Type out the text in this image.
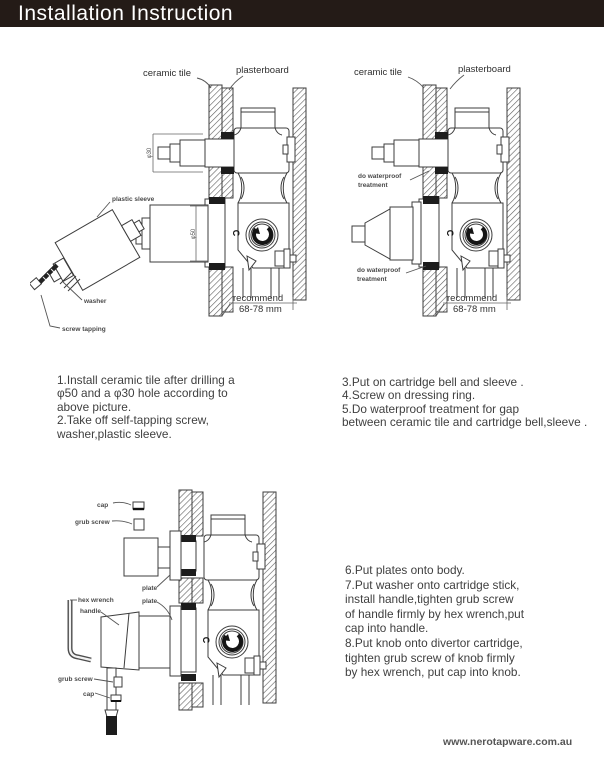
Installation Instruction
C
φ30
φ50
ceramic tile	plasterboard
plastic sleeve
washer
screw tapping
recommend
68-78 mm
C
ceramic tile	plasterboard
do waterproof
treatment
do waterproof
treatment
recommend
68-78 mm
1.Install ceramic tile after drilling a
φ50 and a φ30 hole according to
above picture.
2.Take off self-tapping screw,
washer,plastic sleeve.
3.Put on cartridge bell and sleeve .
4.Screw on dressing ring.
5.Do waterproof treatment for gap
between ceramic tile and cartridge bell,sleeve .
C
cap
grub screw
hex wrench
handle
plate
plate
grub screw
cap
6.Put plates onto body.
7.Put washer onto cartridge stick,
install handle,tighten grub screw
of handle firmly by hex wrench,put
cap into handle.
8.Put knob onto divertor cartridge,
tighten grub screw of knob firmly
by hex wrench, put cap into knob.
www.nerotapware.com.au
